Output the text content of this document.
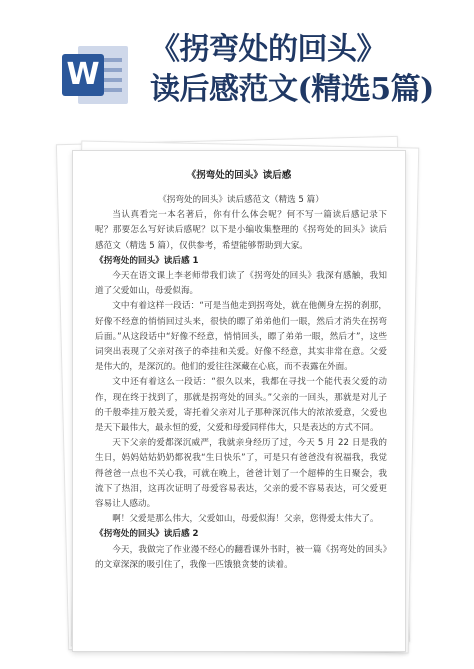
W
《拐弯处的回头》
读后感范文(精选5篇)
《拐弯处的回头》读后感

《拐弯处的回头》读后感范文（精选 5 篇）

当认真看完一本名著后，你有什么体会呢？何不写一篇读后感记录下呢？那要怎么写好读后感呢？以下是小编收集整理的《拐弯处的回头》读后感范文（精选 5 篇），仅供参考，希望能够帮助到大家。

《拐弯处的回头》读后感 1

今天在语文课上李老师带我们读了《拐弯处的回头》我深有感触，我知道了父爱如山，母爱似海。

文中有着这样一段话：“可是当他走到拐弯处，就在他侧身左拐的刹那，好像不经意的悄悄回过头来，很快的瞟了弟弟他们一眼，然后才消失在拐弯后面。”从这段话中“好像不经意，悄悄回头，瞟了弟弟一眼，然后才”，这些词突出表现了父亲对孩子的牵挂和关爱。好像不经意，其实非常在意。父爱是伟大的，是深沉的。他们的爱往往深藏在心底，而不表露在外面。

文中还有着这么一段话：“很久以来，我都在寻找一个能代表父爱的动作，现在终于找到了，那就是拐弯处的回头。”父亲的一回头，那就是对儿子的千般牵挂万般关爱，寄托着父亲对儿子那种深沉伟大的浓浓爱意，父爱也是天下最伟大，最永恒的爱，父爱和母爱同样伟大，只是表达的方式不同。

天下父亲的爱都深沉威严，我就亲身经历了过，今天 5 月 22 日是我的生日，妈妈姑姑奶奶都祝我“生日快乐”了，可是只有爸爸没有祝福我，我觉得爸爸一点也不关心我，可就在晚上，爸爸计划了一个超棒的生日聚会，我流下了热泪，这再次证明了母爱容易表达，父亲的爱不容易表达，可父爱更容易让人感动。

啊！父爱是那么伟大，父爱如山，母爱似海！父亲，您得爱太伟大了。

《拐弯处的回头》读后感 2

今天，我做完了作业漫不经心的翻看课外书时，被一篇《拐弯处的回头》的文章深深的吸引住了，我像一匹饿狼贪婪的读着。
